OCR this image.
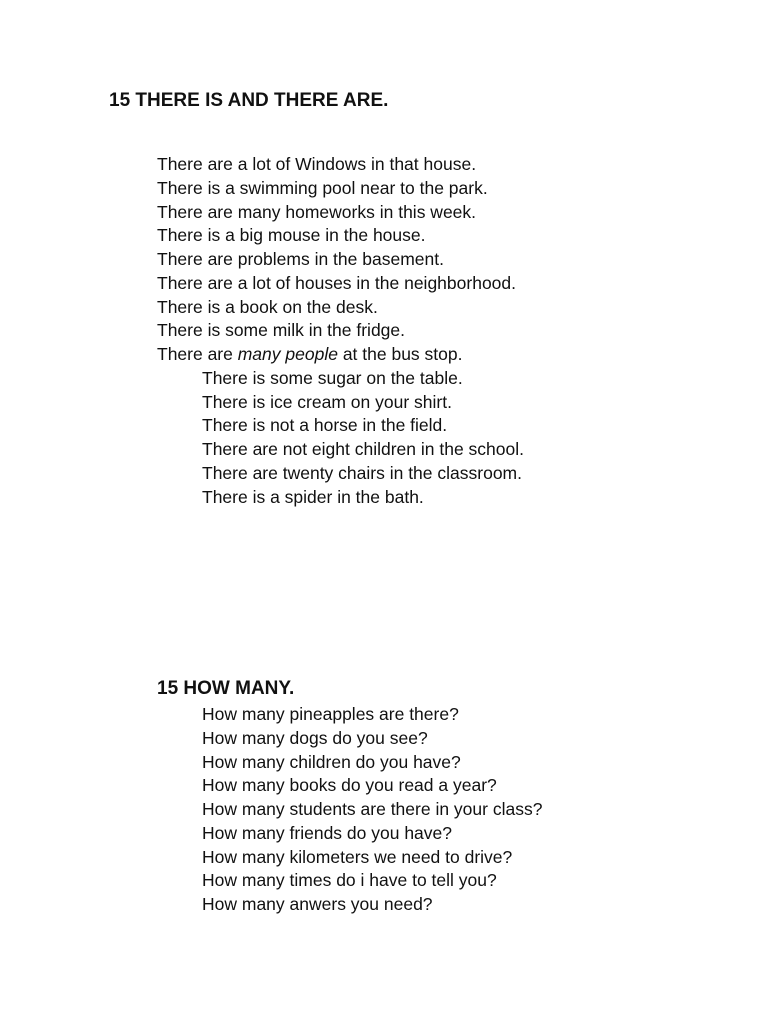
15 THERE IS AND THERE ARE.
There are a lot of Windows in that house.
There is a swimming pool near to the park.
There are many homeworks in this week.
There is a big mouse in the house.
There are problems in the basement.
There are a lot of houses in the neighborhood.
There is a book on the desk.
There is some milk in the fridge.
There are many people at the bus stop.
There is some sugar on the table.
There is ice cream on your shirt.
There is not a horse in the field.
There are not eight children in the school.
There are twenty chairs in the classroom.
There is a spider in the bath.
15 HOW MANY.
How many pineapples are there?
How many dogs do you see?
How many children do you have?
How many books do you read a year?
How many students are there in your class?
How many friends do you have?
How many kilometers we need to drive?
How many times do i have to tell you?
How many anwers you need?
